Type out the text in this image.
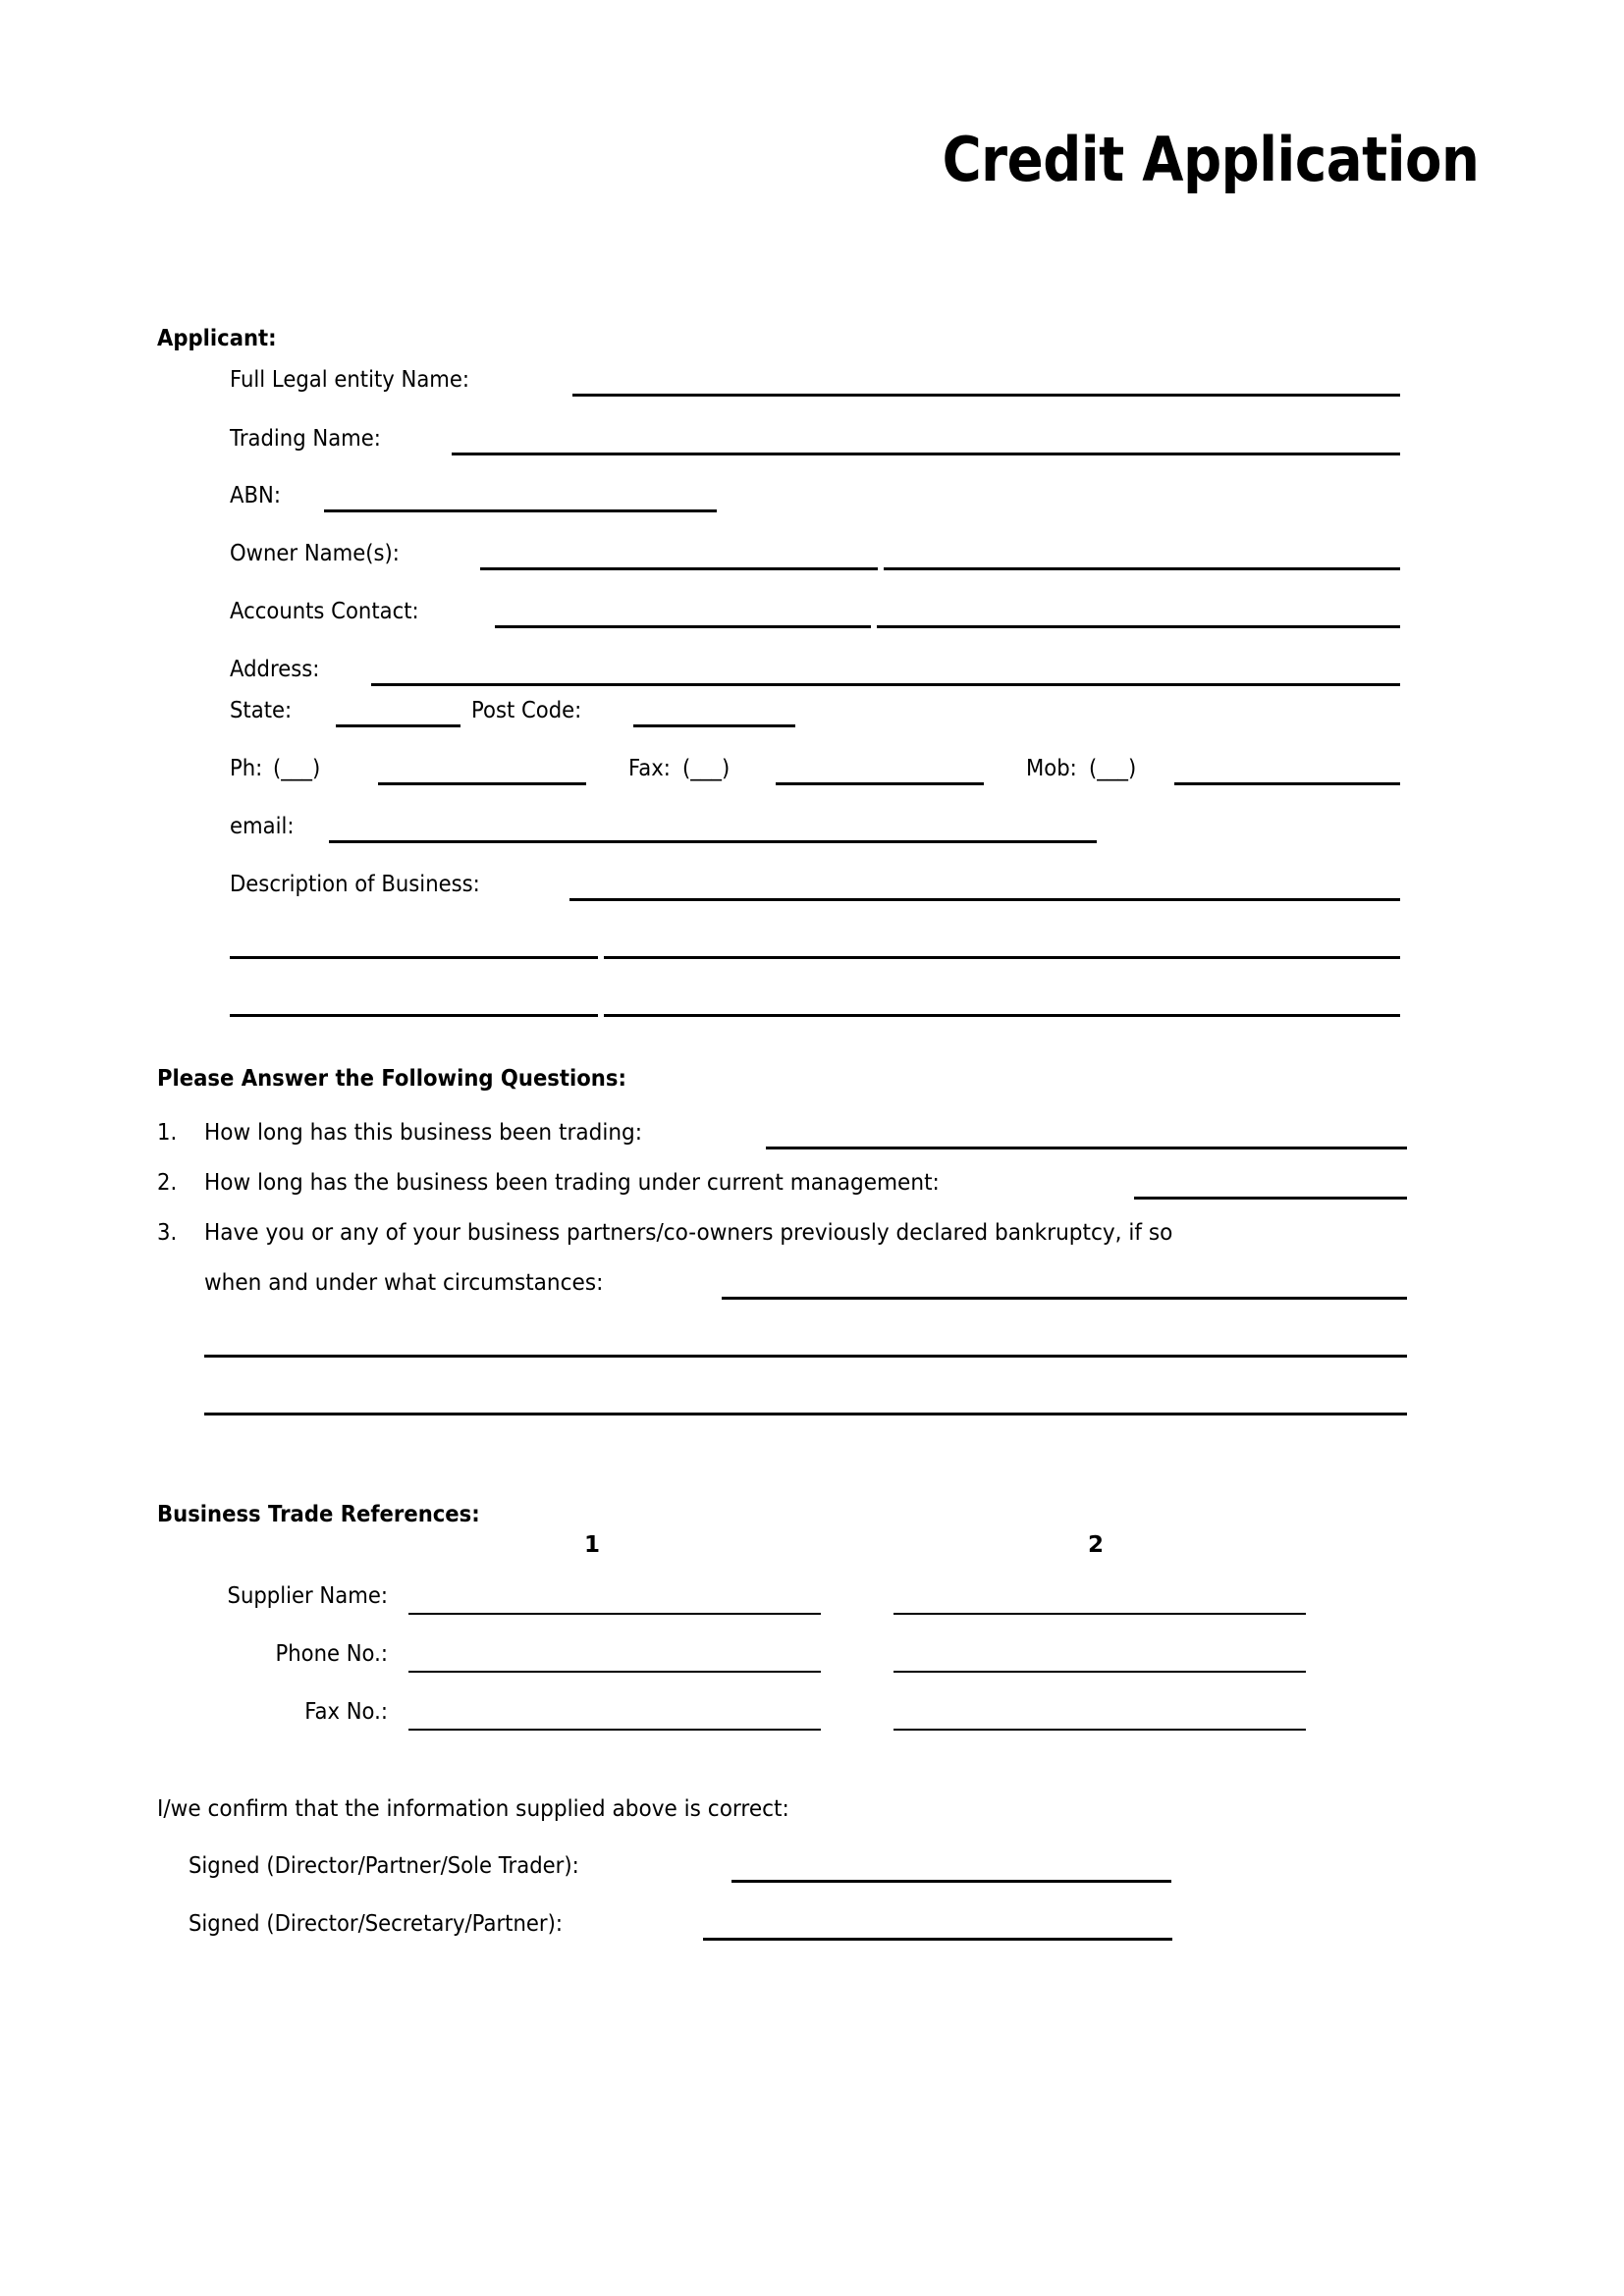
Credit Application
Applicant:
Full Legal entity Name:
Trading Name:
ABN:
Owner Name(s):
Accounts Contact:
Address:
State:	Post Code:
Ph: (___)	Fax: (___)	Mob: (___)
email:
Description of Business:
Please Answer the Following Questions:
1. How long has this business been trading:
2. How long has the business been trading under current management:
3. Have you or any of your business partners/co-owners previously declared bankruptcy, if so
when and under what circumstances:
Business Trade References:
1	2
Supplier Name:
Phone No.:
Fax No.:
I/we confirm that the information supplied above is correct:
Signed (Director/Partner/Sole Trader):
Signed (Director/Secretary/Partner):
